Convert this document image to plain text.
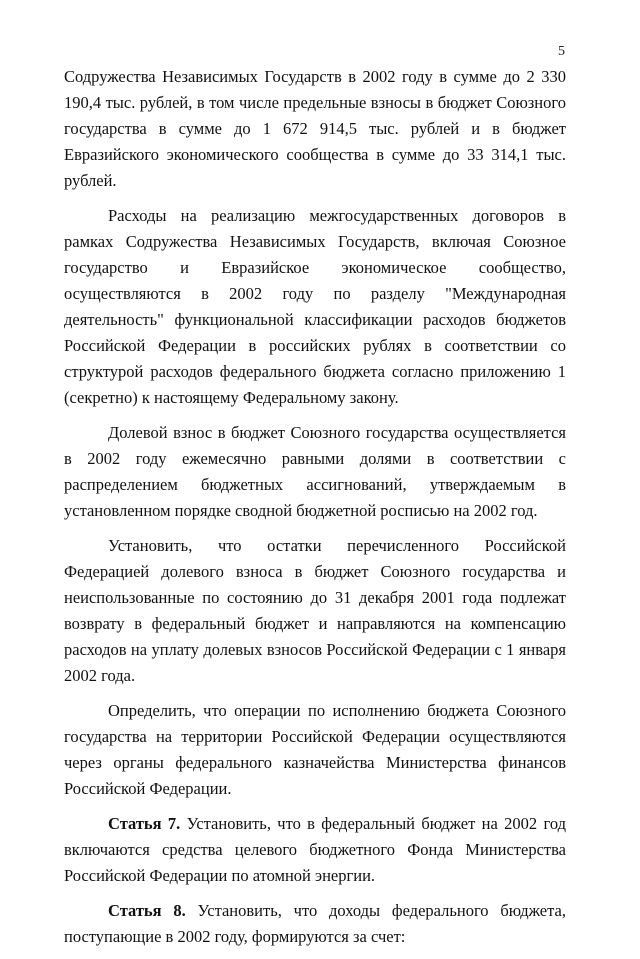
5

Содружества Независимых Государств в 2002 году в сумме до 2 330 190,4 тыс. рублей, в том числе предельные взносы в бюджет Союзного государства в сумме до 1 672 914,5 тыс. рублей и в бюджет Евразийского экономического сообщества в сумме до 33 314,1 тыс. рублей.

Расходы на реализацию межгосударственных договоров в рамках Содружества Независимых Государств, включая Союзное государство и Евразийское экономическое сообщество, осуществляются в 2002 году по разделу "Международная деятельность" функциональной классификации расходов бюджетов Российской Федерации в российских рублях в соответствии со структурой расходов федерального бюджета согласно приложению 1 (секретно) к настоящему Федеральному закону.

Долевой взнос в бюджет Союзного государства осуществляется в 2002 году ежемесячно равными долями в соответствии с распределением бюджетных ассигнований, утверждаемым в установленном порядке сводной бюджетной росписью на 2002 год.

Установить, что остатки перечисленного Российской Федерацией долевого взноса в бюджет Союзного государства и неиспользованные по состоянию до 31 декабря 2001 года подлежат возврату в федеральный бюджет и направляются на компенсацию расходов на уплату долевых взносов Российской Федерации с 1 января 2002 года.

Определить, что операции по исполнению бюджета Союзного государства на территории Российской Федерации осуществляются через органы федерального казначейства Министерства финансов Российской Федерации.

Статья 7. Установить, что в федеральный бюджет на 2002 год включаются средства целевого бюджетного Фонда Министерства Российской Федерации по атомной энергии.

Статья 8. Установить, что доходы федерального бюджета, поступающие в 2002 году, формируются за счет:
